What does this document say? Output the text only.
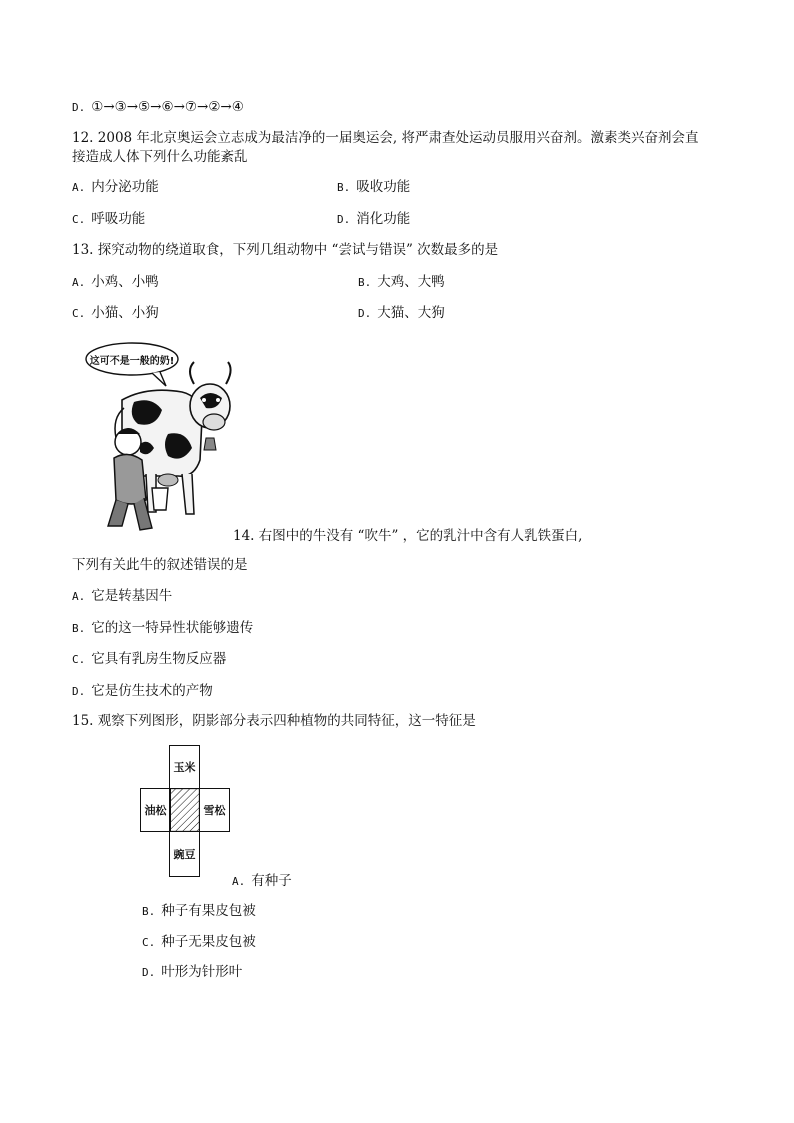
D. ①→③→⑤→⑥→⑦→②→④
12. 2008 年北京奥运会立志成为最洁净的一届奥运会, 将严肃查处运动员服用兴奋剂。激素类兴奋剂会直
接造成人体下列什么功能紊乱
A. 内分泌功能	B. 吸收功能
C. 呼吸功能	D. 消化功能
13. 探究动物的绕道取食，下列几组动物中 “尝试与错误” 次数最多的是
A. 小鸡、小鸭	B. 大鸡、大鸭
C. 小猫、小狗	D. 大猫、大狗
这可不是一般的奶!
14. 右图中的牛没有 “吹牛” ，它的乳汁中含有人乳铁蛋白,
下列有关此牛的叙述错误的是
A. 它是转基因牛
B. 它的这一特异性状能够遗传
C. 它具有乳房生物反应器
D. 它是仿生技术的产物
15. 观察下列图形，阴影部分表示四种植物的共同特征，这一特征是
玉米
油松	雪松
豌豆
A. 有种子
B. 种子有果皮包被
C. 种子无果皮包被
D. 叶形为针形叶
